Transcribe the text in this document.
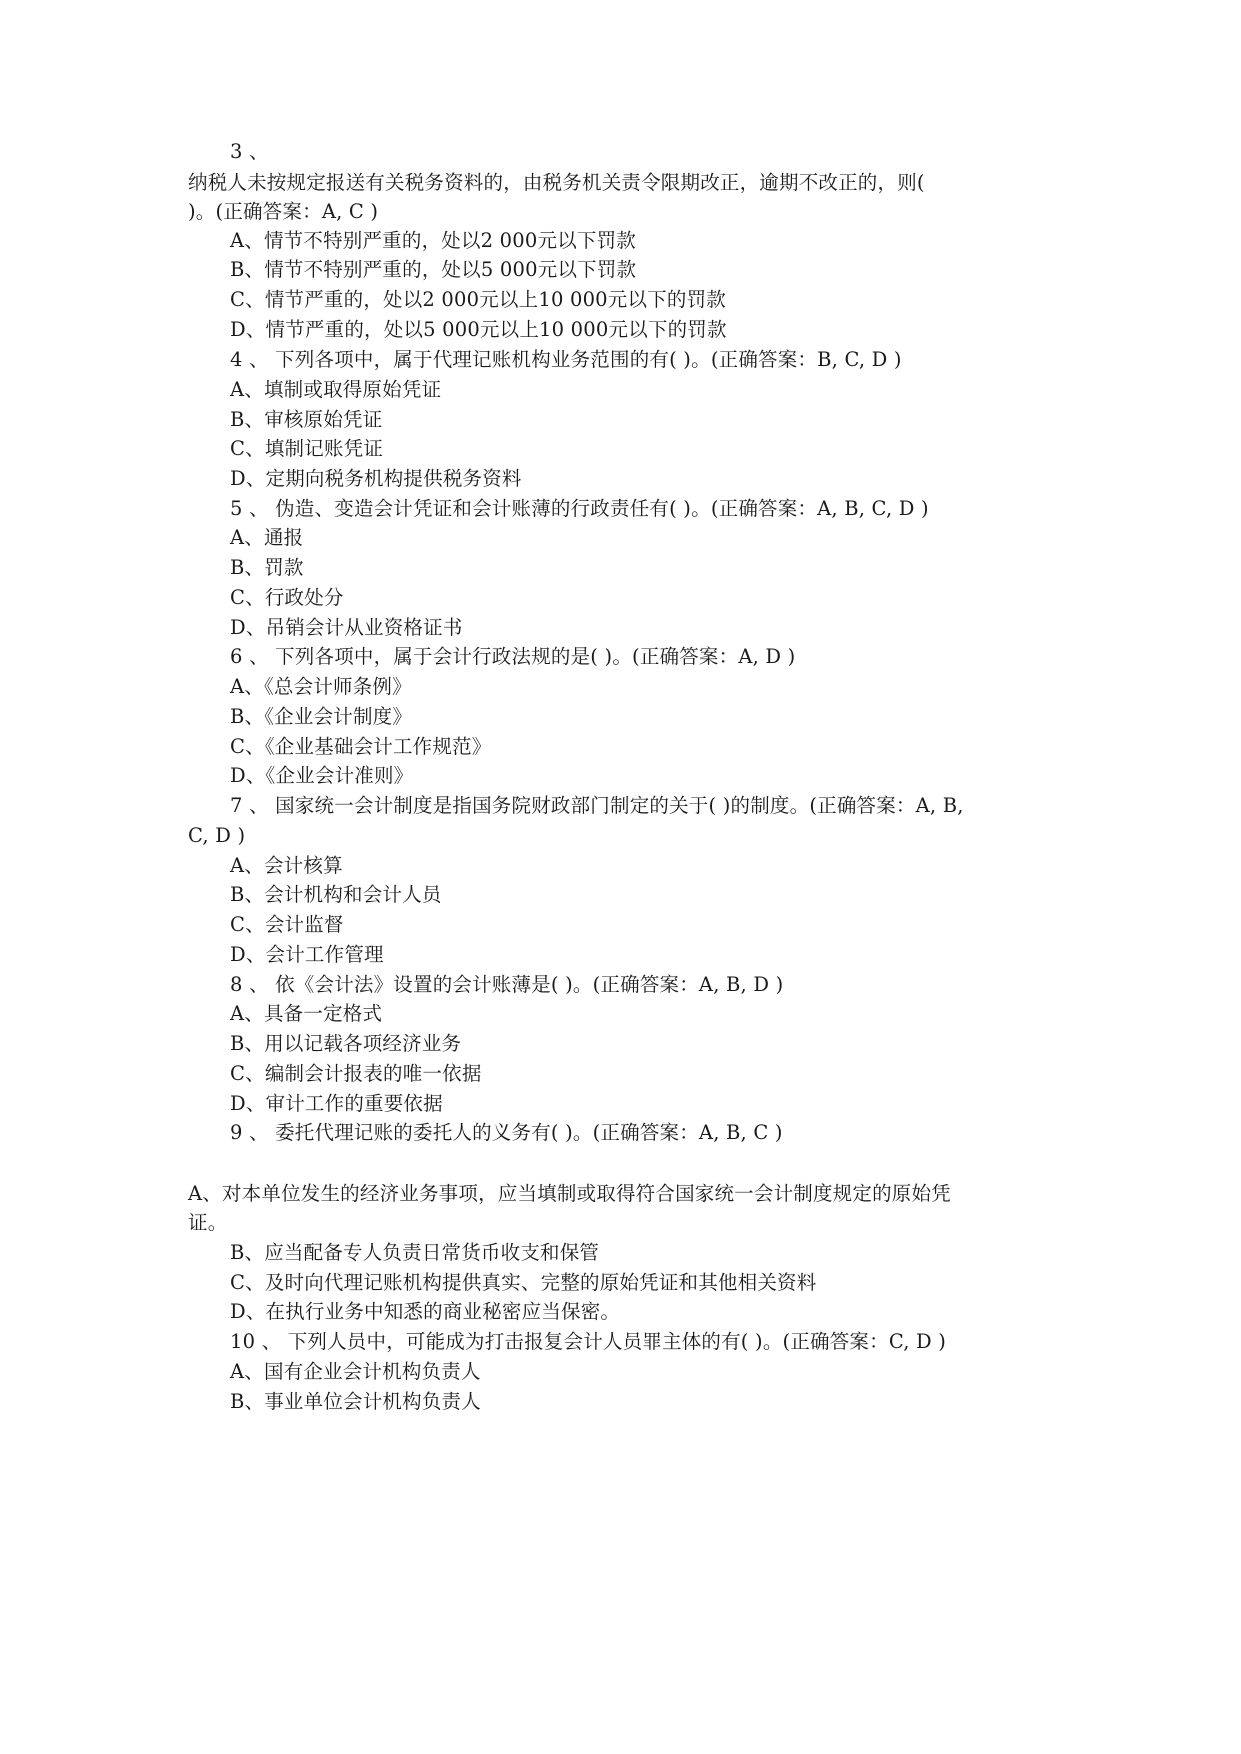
3 、
纳税人未按规定报送有关税务资料的，由税务机关责令限期改正，逾期不改正的，则(
)。(正确答案：A, C )
A、情节不特别严重的，处以2 000元以下罚款
B、情节不特别严重的，处以5 000元以下罚款
C、情节严重的，处以2 000元以上10 000元以下的罚款
D、情节严重的，处以5 000元以上10 000元以下的罚款
4 、 下列各项中，属于代理记账机构业务范围的有( )。(正确答案：B, C, D )
A、填制或取得原始凭证
B、审核原始凭证
C、填制记账凭证
D、定期向税务机构提供税务资料
5 、 伪造、变造会计凭证和会计账薄的行政责任有( )。(正确答案：A, B, C, D )
A、通报
B、罚款
C、行政处分
D、吊销会计从业资格证书
6 、 下列各项中，属于会计行政法规的是( )。(正确答案：A, D )
A、《总会计师条例》
B、《企业会计制度》
C、《企业基础会计工作规范》
D、《企业会计准则》
7 、 国家统一会计制度是指国务院财政部门制定的关于( )的制度。(正确答案：A, B,
C, D )
A、会计核算
B、会计机构和会计人员
C、会计监督
D、会计工作管理
8 、 依《会计法》设置的会计账薄是( )。(正确答案：A, B, D )
A、具备一定格式
B、用以记载各项经济业务
C、编制会计报表的唯一依据
D、审计工作的重要依据
9 、 委托代理记账的委托人的义务有( )。(正确答案：A, B, C )
A、对本单位发生的经济业务事项，应当填制或取得符合国家统一会计制度规定的原始凭
证。
B、应当配备专人负责日常货币收支和保管
C、及时向代理记账机构提供真实、完整的原始凭证和其他相关资料
D、在执行业务中知悉的商业秘密应当保密。
10 、 下列人员中，可能成为打击报复会计人员罪主体的有( )。(正确答案：C, D )
A、国有企业会计机构负责人
B、事业单位会计机构负责人
